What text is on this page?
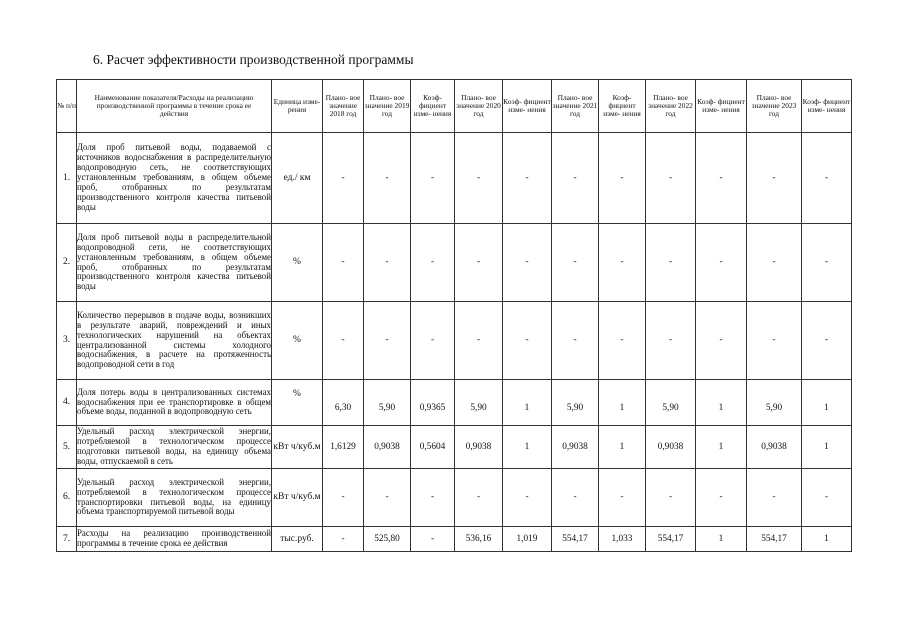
6. Расчет эффективности производственной программы
№ п/п	Наименование показателя/Расходы на реализацию производственной программы в течение срока ее действия	Единица изме- рения	Плано- вое значение 2018 год	Плано- вое значение 2019 год	Коэф- фициент изме- нения	Плано- вое значение 2020 год	Коэф- фициент изме- нения	Плано- вое значение 2021 год	Коэф- фициент изме- нения	Плано- вое значение 2022 год	Коэф- фициент изме- нения	Плано- вое значение 2023 год	Коэф- фициент изме- нения
1.	Доля проб питьевой воды, подаваемой с источников водоснабжения в распределительную водопроводную сеть, не соответствующих установленным требованиям, в общем объеме проб, отобранных по результатам производственного контроля качества питьевой воды	ед./ км	-	-	-	-	-	-	-	-	-	-	-
2.	Доля проб питьевой воды в распределительной водопроводной сети, не соответствующих установленным требованиям, в общем объеме проб, отобранных по результатам производственного контроля качества питьевой воды	%	-	-	-	-	-	-	-	-	-	-	-
3.	Количество перерывов в подаче воды, возникших в результате аварий, повреждений и иных технологических нарушений на объектах централизованной системы холодного водоснабжения, в расчете на протяженность водопроводной сети в год	%	-	-	-	-	-	-	-	-	-	-	-
4.	Доля потерь воды в централизованных системах водоснабжения при ее транспортировке в общем объеме воды, поданной в водопроводную сеть	%	6,30	5,90	0,9365	5,90	1	5,90	1	5,90	1	5,90	1
5.	Удельный расход электрической энергии, потребляемой в технологическом процессе подготовки питьевой воды, на единицу объема воды, отпускаемой в сеть	кВт ч/куб.м	1,6129	0,9038	0,5604	0,9038	1	0,9038	1	0,9038	1	0,9038	1
6.	Удельный расход электрической энергии, потребляемой в технологическом процессе транспортировки питьевой воды, на единицу объема транспортируемой питьевой воды	кВт ч/куб.м	-	-	-	-	-	-	-	-	-	-	-
7.	Расходы на реализацию производственной программы в течение срока ее действия	тыс.руб.	-	525,80	-	536,16	1,019	554,17	1,033	554,17	1	554,17	1
